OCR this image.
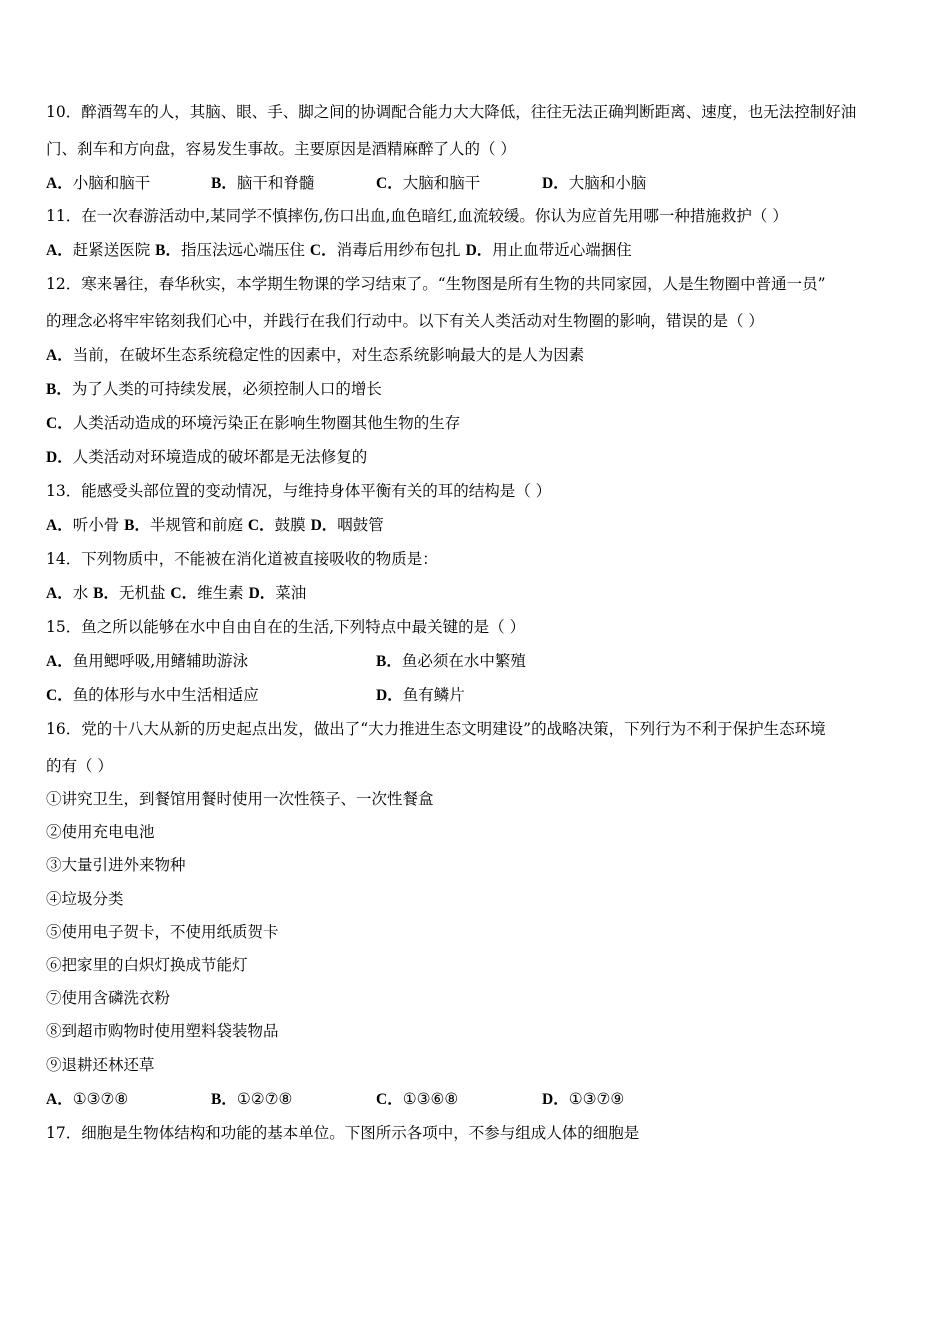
10．醉酒驾车的人，其脑、眼、手、脚之间的协调配合能力大大降低，往往无法正确判断距离、速度，也无法控制好油
门、刹车和方向盘，容易发生事故。主要原因是酒精麻醉了人的（ ）
A．小脑和脑干	B．脑干和脊髓	C．大脑和脑干	D．大脑和小脑
11．在一次春游活动中,某同学不慎摔伤,伤口出血,血色暗红,血流较缓。你认为应首先用哪一种措施救护（ ）
A．赶紧送医院 B．指压法远心端压住 C．消毒后用纱布包扎 D．用止血带近心端捆住
12．寒来暑往，春华秋实，本学期生物课的学习结束了。“生物图是所有生物的共同家园，人是生物圈中普通一员”
的理念必将牢牢铭刻我们心中，并践行在我们行动中。以下有关人类活动对生物圈的影响，错误的是（ ）
A．当前，在破坏生态系统稳定性的因素中，对生态系统影响最大的是人为因素
B．为了人类的可持续发展，必须控制人口的增长
C．人类活动造成的环境污染正在影响生物圈其他生物的生存
D．人类活动对环境造成的破坏都是无法修复的
13．能感受头部位置的变动情况，与维持身体平衡有关的耳的结构是（ ）
A．听小骨 B．半规管和前庭 C．鼓膜 D．咽鼓管
14．下列物质中，不能被在消化道被直接吸收的物质是：
A．水 B．无机盐 C．维生素 D．菜油
15．鱼之所以能够在水中自由自在的生活,下列特点中最关键的是（ ）
A．鱼用鳃呼吸,用鳍辅助游泳	B．鱼必须在水中繁殖
C．鱼的体形与水中生活相适应	D．鱼有鳞片
16．党的十八大从新的历史起点出发，做出了“大力推进生态文明建设”的战略决策，下列行为不利于保护生态环境
的有（ ）
①讲究卫生，到餐馆用餐时使用一次性筷子、一次性餐盒
②使用充电电池
③大量引进外来物种
④垃圾分类
⑤使用电子贺卡，不使用纸质贺卡
⑥把家里的白炽灯换成节能灯
⑦使用含磷洗衣粉
⑧到超市购物时使用塑料袋装物品
⑨退耕还林还草
A．①③⑦⑧	B．①②⑦⑧	C．①③⑥⑧	D．①③⑦⑨
17．细胞是生物体结构和功能的基本单位。下图所示各项中，不参与组成人体的细胞是
